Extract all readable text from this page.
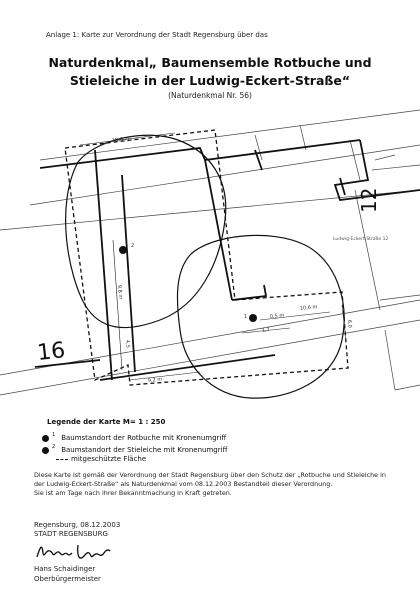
Anlage 1: Karte zur Verordnung der Stadt Regensburg über das
Naturdenkmal„ Baumensemble Rotbuche und
Stieleiche in der Ludwig-Eckert-Straße“
(Naturdenkmal Nr. 56)
10,6 m
9,8 m
4,5
9,2 m
0,5 m
1,7
10,6 m
6,0
2
1
16
12
Ludwig-Eckert-Straße 12
Legende der Karte M= 1 : 250
1 Baumstandort der Rotbuche mit Kronenumgriff
2 Baumstandort der Stieleiche mit Kronenumgriff
mitgeschützte Fläche
Diese Karte ist gemäß der Verordnung der Stadt Regensburg über den Schutz der „Rotbuche und Stieleiche in der Ludwig-Eckert-Straße“ als Naturdenkmal vom 08.12.2003 Bestandteil dieser Verordnung.
Sie ist am Tage nach ihrer Bekanntmachung in Kraft getreten.
Regensburg, 08.12.2003
STADT REGENSBURG
Hans Schaidinger
Oberbürgermeister
